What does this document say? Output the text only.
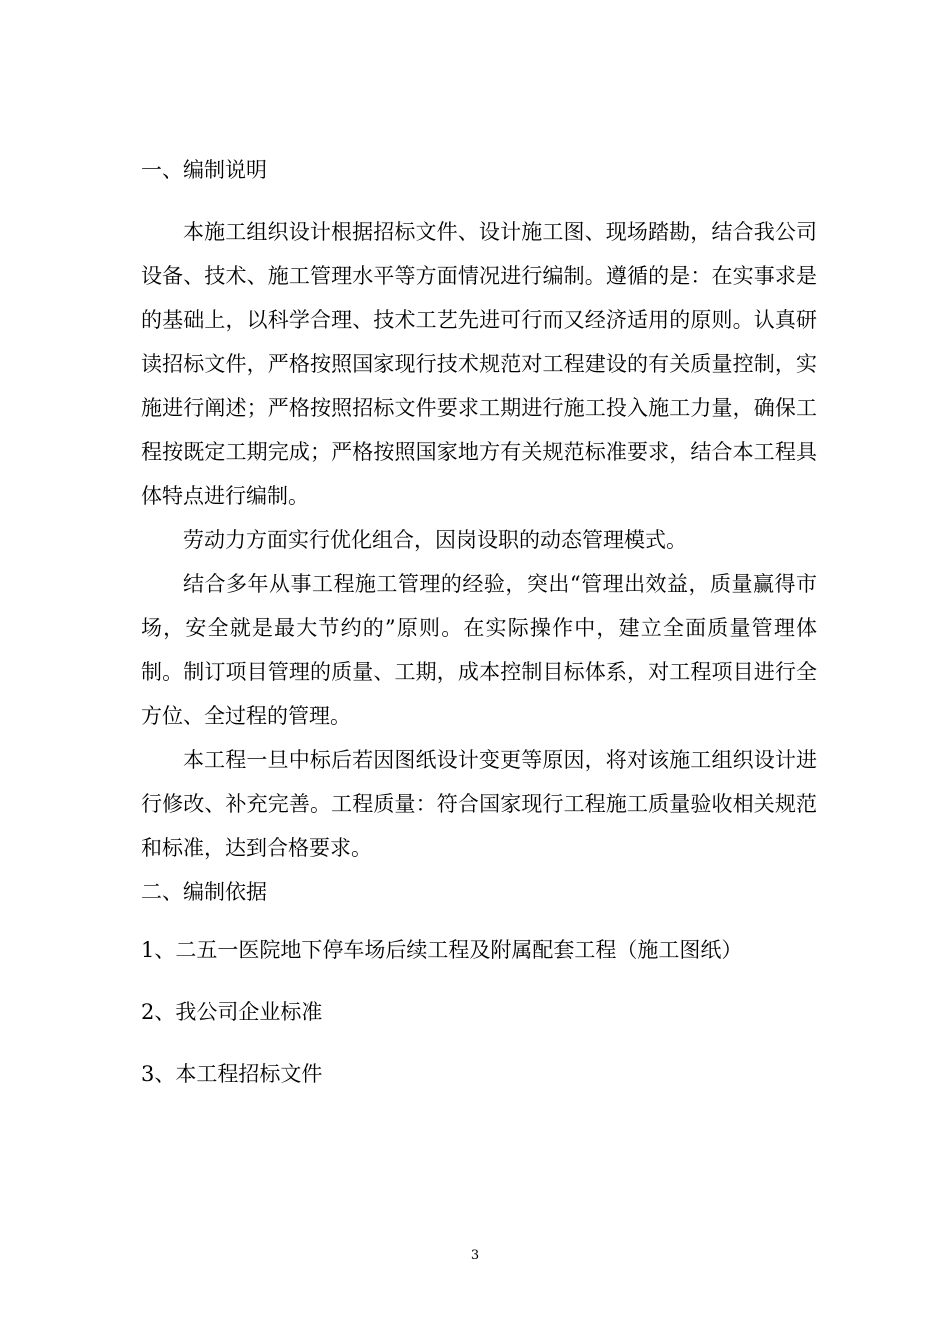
一、编制说明

本施工组织设计根据招标文件、设计施工图、现场踏勘，结合我公司设备、技术、施工管理水平等方面情况进行编制。遵循的是：在实事求是的基础上，以科学合理、技术工艺先进可行而又经济适用的原则。认真研读招标文件，严格按照国家现行技术规范对工程建设的有关质量控制，实施进行阐述；严格按照招标文件要求工期进行施工投入施工力量，确保工程按既定工期完成；严格按照国家地方有关规范标准要求，结合本工程具体特点进行编制。

劳动力方面实行优化组合，因岗设职的动态管理模式。

结合多年从事工程施工管理的经验，突出“管理出效益，质量赢得市场，安全就是最大节约的”原则。在实际操作中，建立全面质量管理体制。制订项目管理的质量、工期，成本控制目标体系，对工程项目进行全方位、全过程的管理。

本工程一旦中标后若因图纸设计变更等原因，将对该施工组织设计进行修改、补充完善。工程质量：符合国家现行工程施工质量验收相关规范和标准，达到合格要求。

二、编制依据
1、二五一医院地下停车场后续工程及附属配套工程（施工图纸）
2、我公司企业标准
3、本工程招标文件
3
